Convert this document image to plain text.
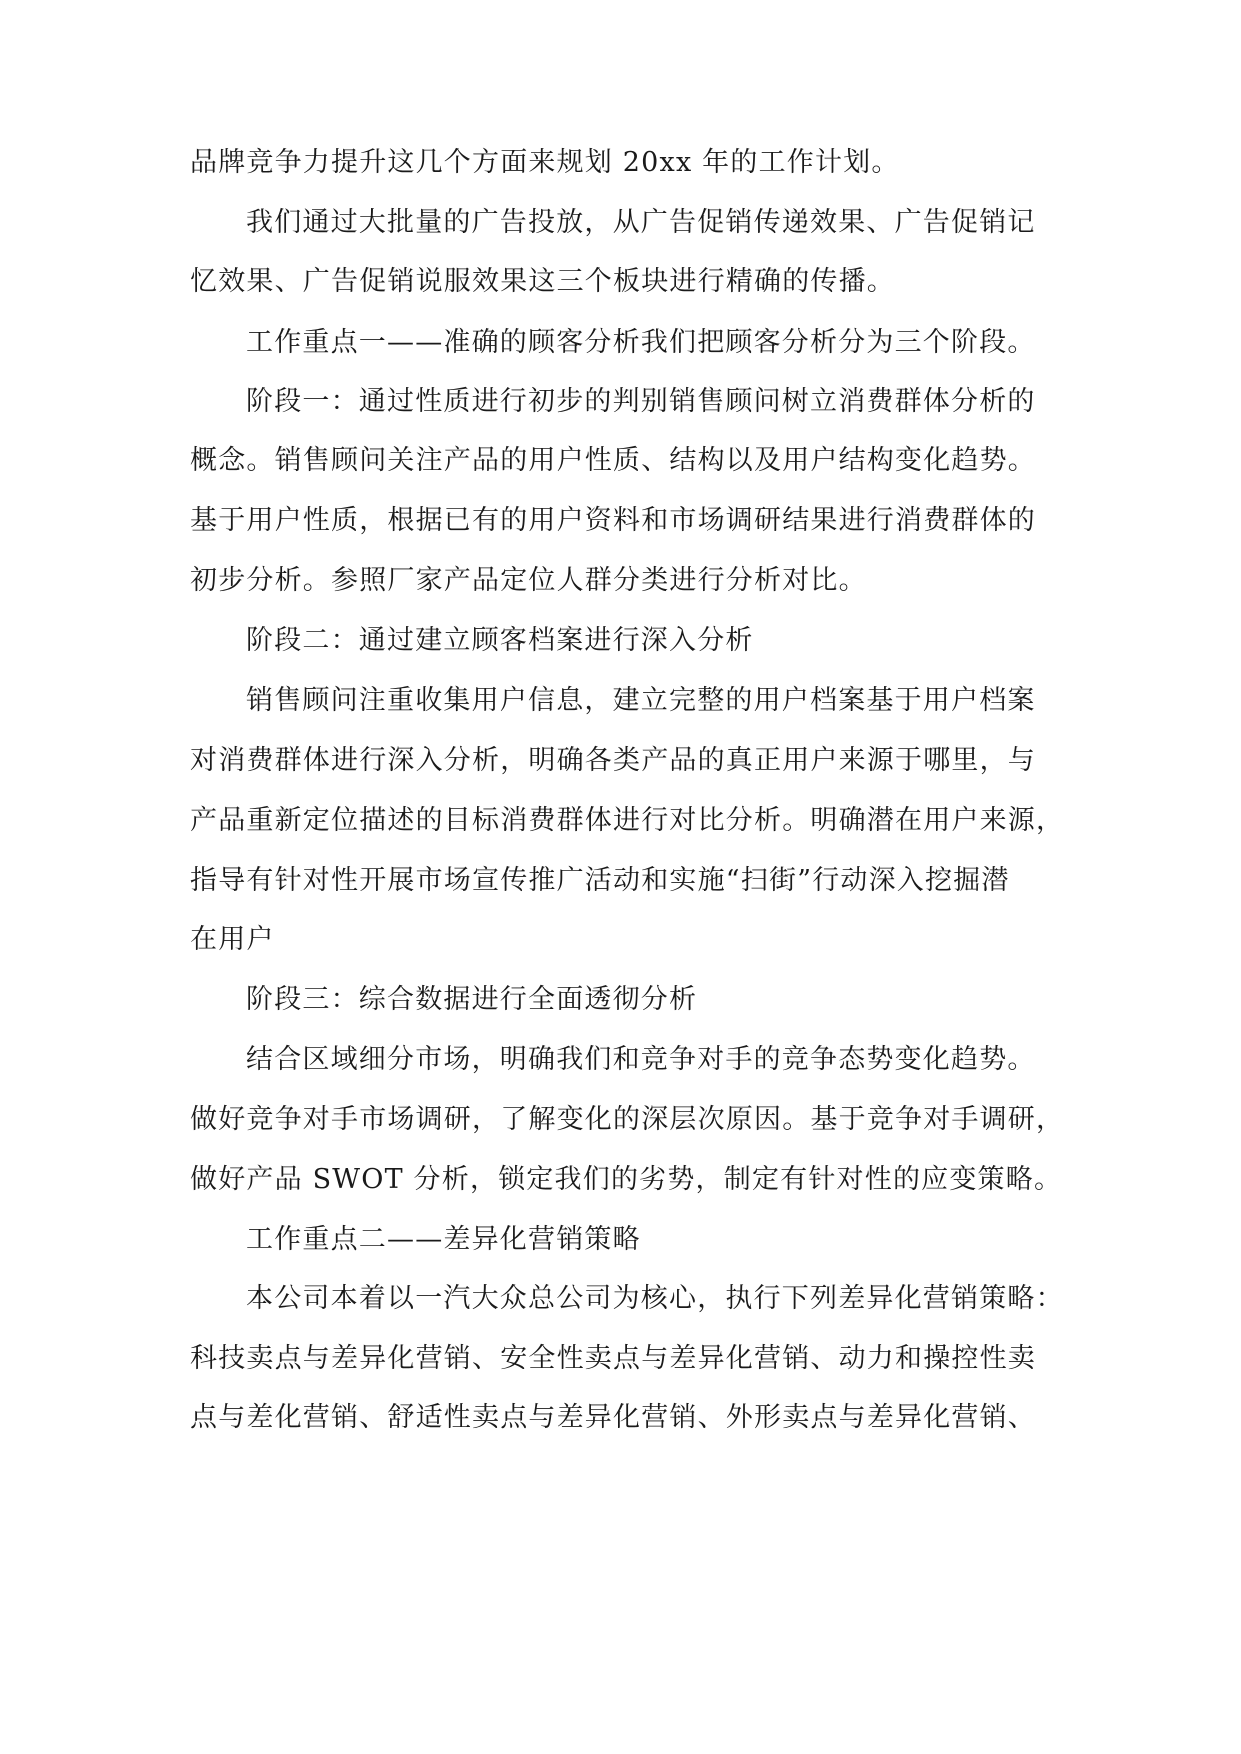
品牌竞争力提升这几个方面来规划 20xx 年的工作计划。
我们通过大批量的广告投放，从广告促销传递效果、广告促销记
忆效果、广告促销说服效果这三个板块进行精确的传播。
工作重点一——准确的顾客分析我们把顾客分析分为三个阶段。
阶段一：通过性质进行初步的判别销售顾问树立消费群体分析的
概念。销售顾问关注产品的用户性质、结构以及用户结构变化趋势。
基于用户性质，根据已有的用户资料和市场调研结果进行消费群体的
初步分析。参照厂家产品定位人群分类进行分析对比。
阶段二：通过建立顾客档案进行深入分析
销售顾问注重收集用户信息，建立完整的用户档案基于用户档案
对消费群体进行深入分析，明确各类产品的真正用户来源于哪里，与
产品重新定位描述的目标消费群体进行对比分析。明确潜在用户来源，
指导有针对性开展市场宣传推广活动和实施“扫街”行动深入挖掘潜
在用户
阶段三：综合数据进行全面透彻分析
结合区域细分市场，明确我们和竞争对手的竞争态势变化趋势。
做好竞争对手市场调研，了解变化的深层次原因。基于竞争对手调研，
做好产品 SWOT 分析，锁定我们的劣势，制定有针对性的应变策略。
工作重点二——差异化营销策略
本公司本着以一汽大众总公司为核心，执行下列差异化营销策略：
科技卖点与差异化营销、安全性卖点与差异化营销、动力和操控性卖
点与差化营销、舒适性卖点与差异化营销、外形卖点与差异化营销、
